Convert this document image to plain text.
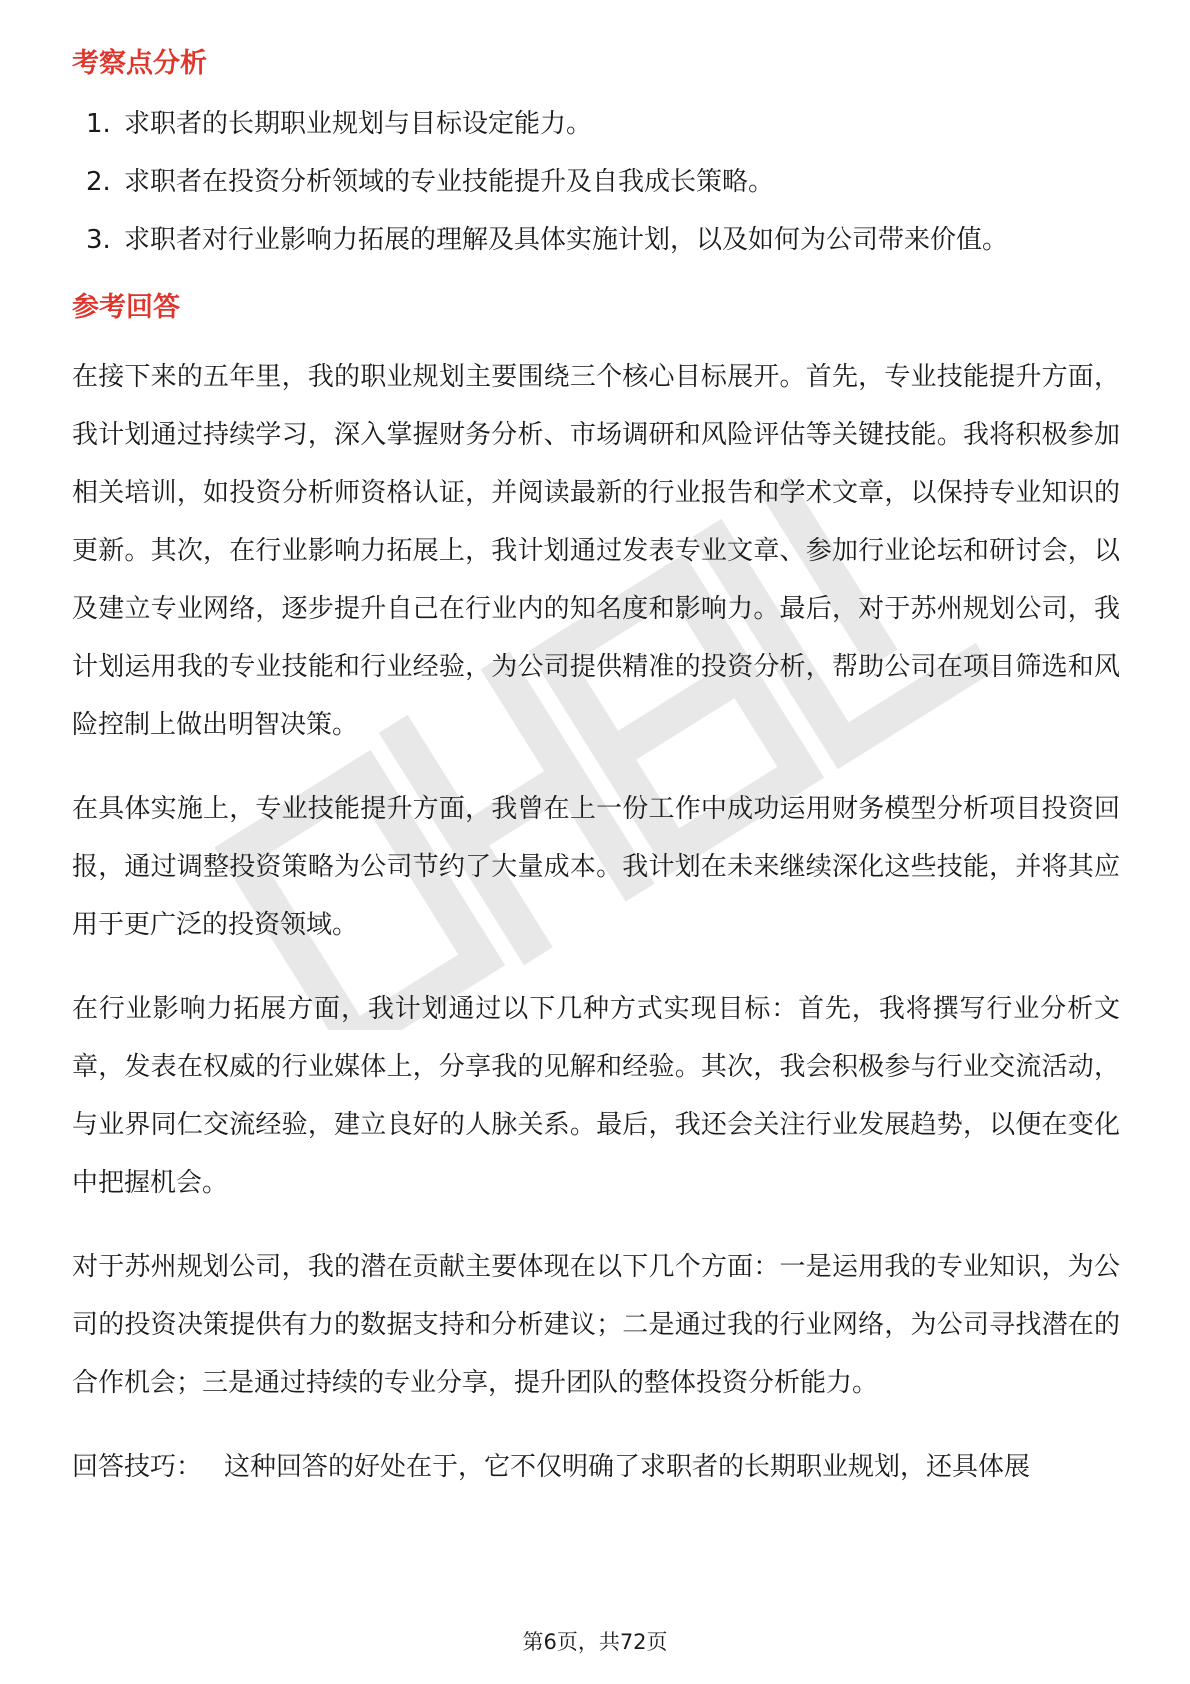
考察点分析
1. 求职者的长期职业规划与目标设定能力。
2. 求职者在投资分析领域的专业技能提升及自我成长策略。
3. 求职者对行业影响力拓展的理解及具体实施计划，以及如何为公司带来价值。
参考回答

在接下来的五年里，我的职业规划主要围绕三个核心目标展开。首先，专业技能提升方面，我计划通过持续学习，深入掌握财务分析、市场调研和风险评估等关键技能。我将积极参加相关培训，如投资分析师资格认证，并阅读最新的行业报告和学术文章，以保持专业知识的更新。其次，在行业影响力拓展上，我计划通过发表专业文章、参加行业论坛和研讨会，以及建立专业网络，逐步提升自己在行业内的知名度和影响力。最后，对于苏州规划公司，我计划运用我的专业技能和行业经验，为公司提供精准的投资分析，帮助公司在项目筛选和风险控制上做出明智决策。

在具体实施上，专业技能提升方面，我曾在上一份工作中成功运用财务模型分析项目投资回报，通过调整投资策略为公司节约了大量成本。我计划在未来继续深化这些技能，并将其应用于更广泛的投资领域。

在行业影响力拓展方面，我计划通过以下几种方式实现目标：首先，我将撰写行业分析文章，发表在权威的行业媒体上，分享我的见解和经验。其次，我会积极参与行业交流活动，与业界同仁交流经验，建立良好的人脉关系。最后，我还会关注行业发展趋势，以便在变化中把握机会。

对于苏州规划公司，我的潜在贡献主要体现在以下几个方面：一是运用我的专业知识，为公司的投资决策提供有力的数据支持和分析建议；二是通过我的行业网络，为公司寻找潜在的合作机会；三是通过持续的专业分享，提升团队的整体投资分析能力。

回答技巧： 这种回答的好处在于，它不仅明确了求职者的长期职业规划，还具体展
第6页，共72页
